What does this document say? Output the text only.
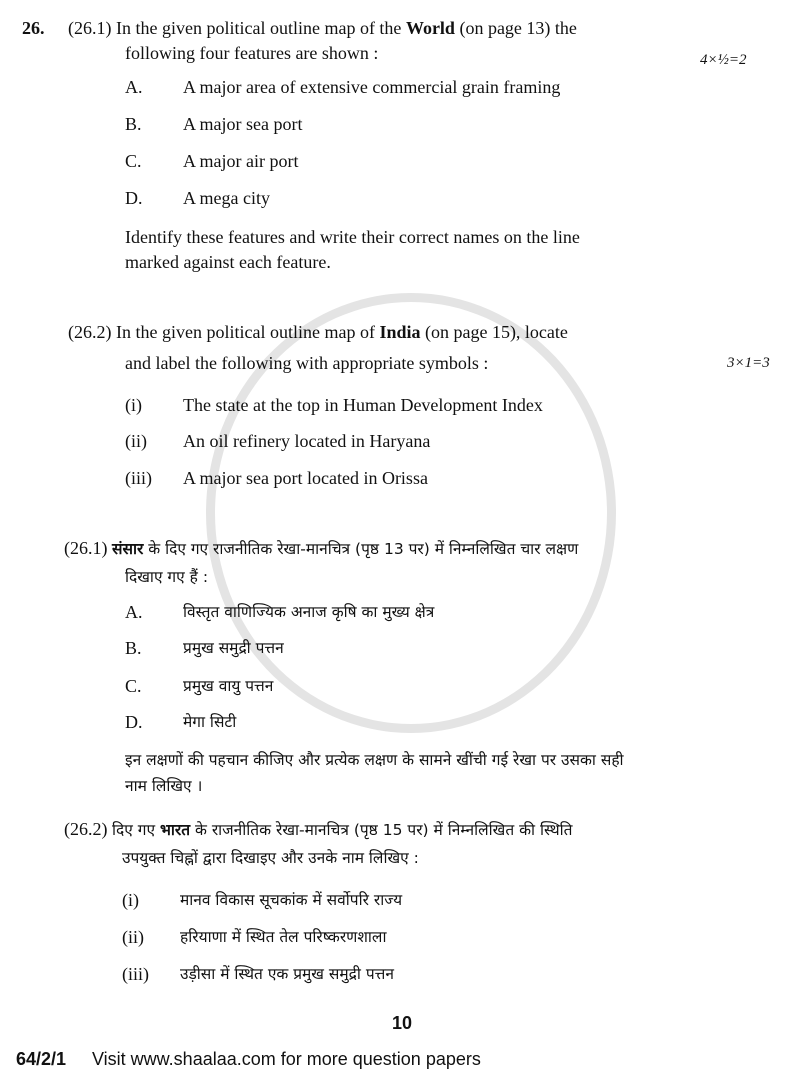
26. (26.1) In the given political outline map of the World (on page 13) the
following four features are shown :	4×½=2
A. A major area of extensive commercial grain framing
B. A major sea port
C. A major air port
D. A mega city
Identify these features and write their correct names on the line
marked against each feature.
(26.2) In the given political outline map of India (on page 15), locate
and label the following with appropriate symbols :	3×1=3
(i) The state at the top in Human Development Index
(ii) An oil refinery located in Haryana
(iii) A major sea port located in Orissa
(26.1) संसार के दिए गए राजनीतिक रेखा-मानचित्र (पृष्ठ 13 पर) में निम्नलिखित चार लक्षण
दिखाए गए हैं :
A.	विस्तृत वाणिज्यिक अनाज कृषि का मुख्य क्षेत्र
B.	प्रमुख समुद्री पत्तन
C.	प्रमुख वायु पत्तन
D.	मेगा सिटी
इन लक्षणों की पहचान कीजिए और प्रत्येक लक्षण के सामने खींची गई रेखा पर उसका सही
नाम लिखिए ।
(26.2) दिए गए भारत के राजनीतिक रेखा-मानचित्र (पृष्ठ 15 पर) में निम्नलिखित की स्थिति
उपयुक्त चिह्नों द्वारा दिखाइए और उनके नाम लिखिए :
(i)	मानव विकास सूचकांक में सर्वोपरि राज्य
(ii) हरियाणा में स्थित तेल परिष्करणशाला
(iii) उड़ीसा में स्थित एक प्रमुख समुद्री पत्तन
10
64/2/1 Visit www.shaalaa.com for more question papers
